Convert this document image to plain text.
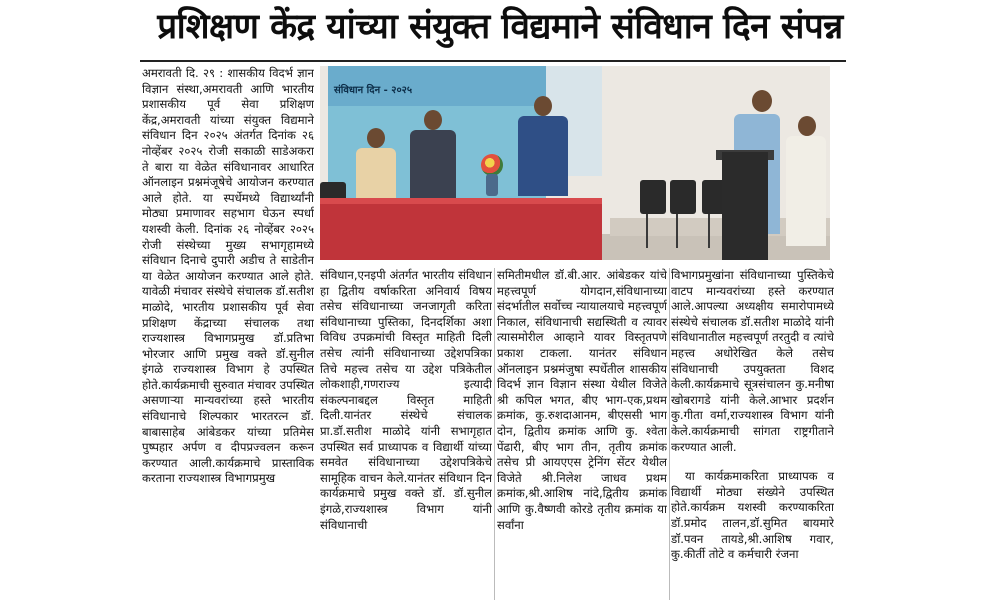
प्रशिक्षण केंद्र यांच्या संयुक्त विद्यमाने संविधान दिन संपन्न

अमरावती दि. २९ : शासकीय विदर्भ ज्ञान विज्ञान संस्था,अमरावती आणि भारतीय प्रशासकीय पूर्व सेवा प्रशिक्षण केंद्र,अमरावती यांच्या संयुक्त विद्यमाने संविधान दिन २०२५ अंतर्गत दिनांक २६ नोव्हेंबर २०२५ रोजी सकाळी साडेअकरा ते बारा या वेळेत संविधानावर आधारित ऑनलाइन प्रश्नमंजूषेचे आयोजन करण्यात आले होते. या स्पर्धेमध्ये विद्यार्थ्यांनी मोठ्या प्रमाणावर सहभाग घेऊन स्पर्धा यशस्वी केली. दिनांक २६ नोव्हेंबर २०२५ रोजी संस्थेच्या मुख्य सभागृहामध्ये संविधान दिनाचे दुपारी अडीच ते साडेतीन या वेळेत आयोजन करण्यात आले होते. यावेळी मंचावर संस्थेचे संचालक डॉ.सतीश माळोदे, भारतीय प्रशासकीय पूर्व सेवा प्रशिक्षण केंद्राच्या संचालक तथा राज्यशास्त्र विभागप्रमुख डॉ.प्रतिभा भोरजार आणि प्रमुख वक्ते डॉ.सुनील इंगळे राज्यशास्त्र विभाग हे उपस्थित होते.कार्यक्रमाची सुरुवात मंचावर उपस्थित असणाऱ्या मान्यवरांच्या हस्ते भारतीय संविधानाचे शिल्पकार भारतरत्न डॉ. बाबासाहेब आंबेडकर यांच्या प्रतिमेस पुष्पहार अर्पण व दीपप्रज्वलन करून करण्यात आली.कार्यक्रमाचे प्रास्ताविक करताना राज्यशास्त्र विभागप्रमुख

संविधान दिन - २०२५

संविधान,एनइपी अंतर्गत भारतीय संविधान हा द्वितीय वर्षाकरिता अनिवार्य विषय तसेच संविधानाच्या जनजागृती करिता संविधानाच्या पुस्तिका, दिनदर्शिका अशा विविध उपक्रमांची विस्तृत माहिती दिली तसेच त्यांनी संविधानाच्या उद्देशपत्रिका तिचे महत्त्व तसेच या उद्देश पत्रिकेतील लोकशाही,गणराज्य इत्यादी संकल्पनाबद्दल विस्तृत माहिती दिली.यानंतर संस्थेचे संचालक प्रा.डॉ.सतीश माळोदे यांनी सभागृहात उपस्थित सर्व प्राध्यापक व विद्यार्थी यांच्या समवेत संविधानाच्या उद्देशपत्रिकेचे सामूहिक वाचन केले.यानंतर संविधान दिन कार्यक्रमाचे प्रमुख वक्ते डॉ. डॉ.सुनील इंगळे,राज्यशास्त्र विभाग यांनी संविधानाची

समितीमधील डॉ.बी.आर. आंबेडकर यांचे महत्त्वपूर्ण योगदान,संविधानाच्या संदर्भातील सर्वोच्च न्यायालयाचे महत्त्वपूर्ण निकाल, संविधानाची सद्यस्थिती व त्यावर त्यासमोरील आव्हाने यावर विस्तृतपणे प्रकाश टाकला. यानंतर संविधान ऑनलाइन प्रश्नमंजुषा स्पर्धेतील शासकीय विदर्भ ज्ञान विज्ञान संस्था येथील विजेते श्री कपिल भगत, बीए भाग-एक,प्रथम क्रमांक, कु.रुशदाआनम, बीएससी भाग दोन, द्वितीय क्रमांक आणि कु. श्वेता पेंढारी, बीए भाग तीन, तृतीय क्रमांक तसेच प्री आयएएस ट्रेनिंग सेंटर येथील विजेते श्री.निलेश जाधव प्रथम क्रमांक,श्री.आशिष नांदे,द्वितीय क्रमांक आणि कु.वैष्णवी कोरडे तृतीय क्रमांक या सर्वांना

विभागप्रमुखांना संविधानाच्या पुस्तिकेचे वाटप मान्यवरांच्या हस्ते करण्यात आले.आपल्या अध्यक्षीय समारोपामध्ये संस्थेचे संचालक डॉ.सतीश माळोदे यांनी संविधानातील महत्त्वपूर्ण तरतुदी व त्यांचे महत्त्व अधोरेखित केले तसेच संविधानाची उपयुक्तता विशद केली.कार्यक्रमाचे सूत्रसंचालन कु.मनीषा खोबरागडे यांनी केले.आभार प्रदर्शन कु.गीता वर्मा,राज्यशास्त्र विभाग यांनी केले.कार्यक्रमाची सांगता राष्ट्रगीताने करण्यात आली.

या कार्यक्रमाकरिता प्राध्यापक व विद्यार्थी मोठ्या संख्येने उपस्थित होते.कार्यक्रम यशस्वी करण्याकरिता डॉ.प्रमोद तालन,डॉ.सुमित बायमारे डॉ.पवन तायडे,श्री.आशिष गवार, कु.कीर्ती तोटे व कर्मचारी रंजना
